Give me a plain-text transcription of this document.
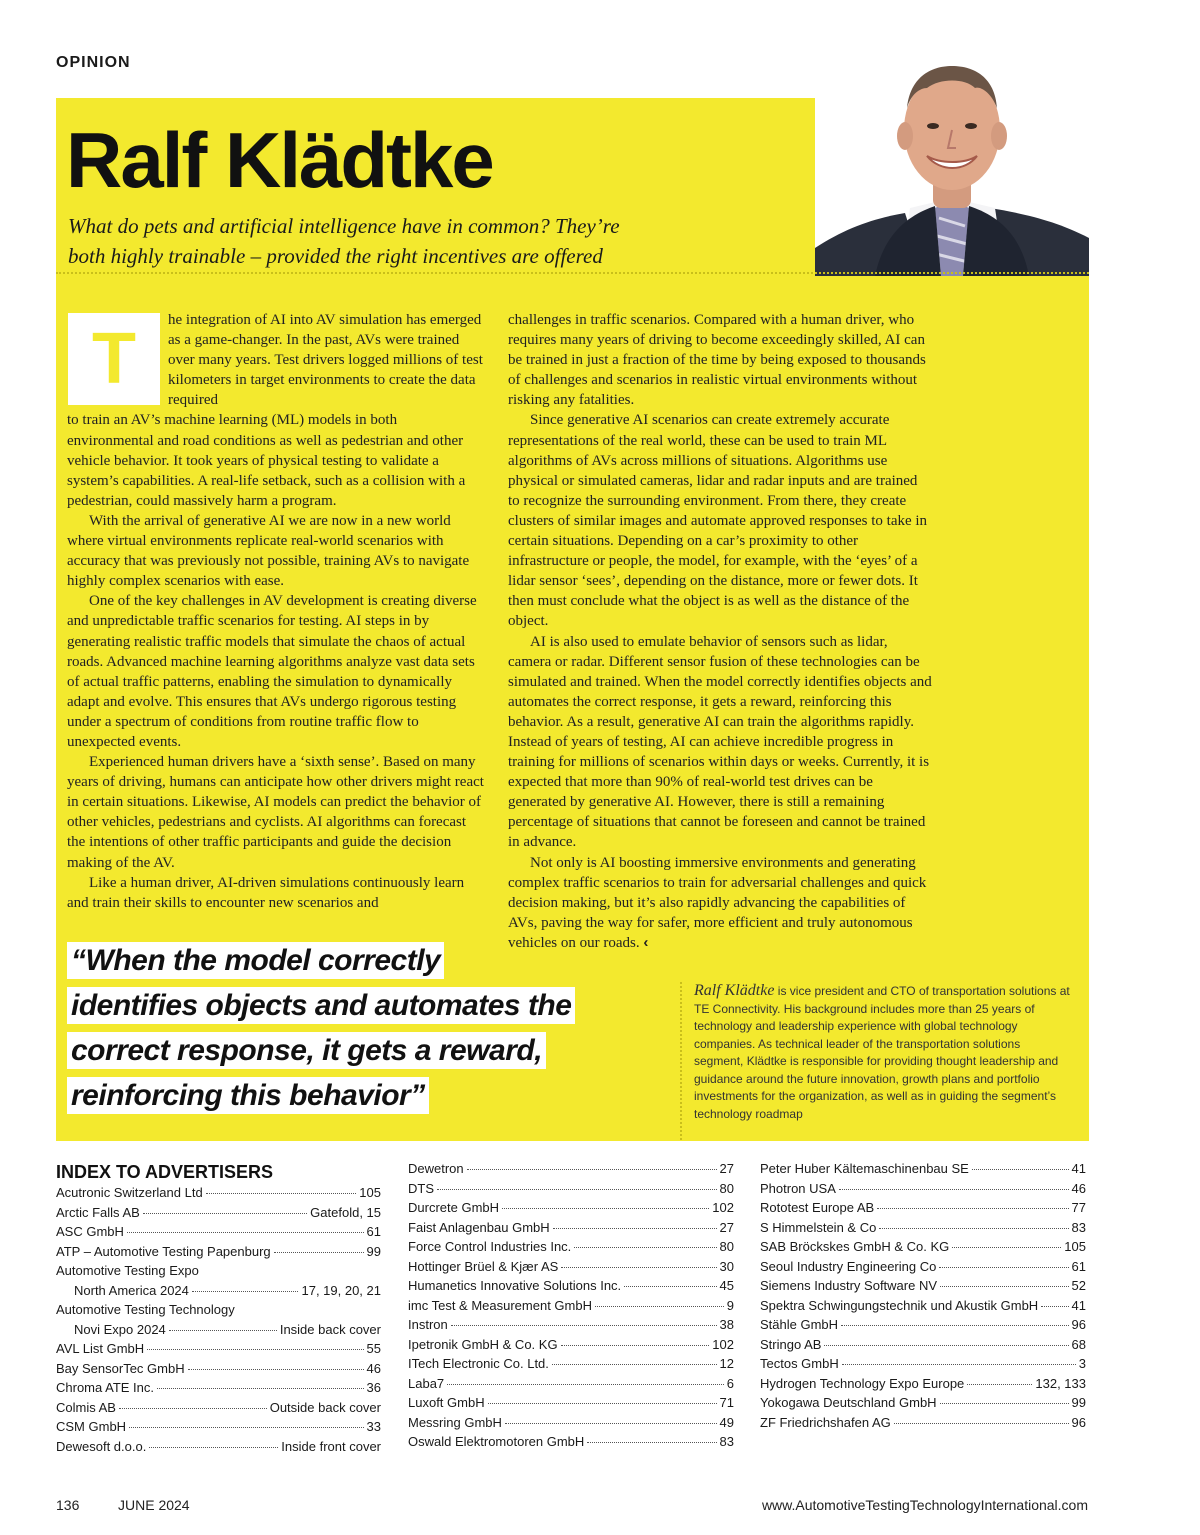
OPINION
Ralf Klädtke
What do pets and artificial intelligence have in common? They’re
both highly trainable – provided the right incentives are offered
T	he integration of AI into AV simulation has emerged as a game-changer. In the past, AVs were trained over many years. Test drivers logged millions of test kilometers in target environments to create the data required

to train an AV’s machine learning (ML) models in both environmental and road conditions as well as pedestrian and other vehicle behavior. It took years of physical testing to validate a system’s capabilities. A real-life setback, such as a collision with a pedestrian, could massively harm a program.

With the arrival of generative AI we are now in a new world where virtual environments replicate real-world scenarios with accuracy that was previously not possible, training AVs to navigate highly complex scenarios with ease.

One of the key challenges in AV development is creating diverse and unpredictable traffic scenarios for testing. AI steps in by generating realistic traffic models that simulate the chaos of actual roads. Advanced machine learning algorithms analyze vast data sets of actual traffic patterns, enabling the simulation to dynamically adapt and evolve. This ensures that AVs undergo rigorous testing under a spectrum of conditions from routine traffic flow to unexpected events.

Experienced human drivers have a ‘sixth sense’. Based on many years of driving, humans can anticipate how other drivers might react in certain situations. Likewise, AI models can predict the behavior of other vehicles, pedestrians and cyclists. AI algorithms can forecast the intentions of other traffic participants and guide the decision making of the AV.

Like a human driver, AI-driven simulations continuously learn and train their skills to encounter new scenarios and

challenges in traffic scenarios. Compared with a human driver, who requires many years of driving to become exceedingly skilled, AI can be trained in just a fraction of the time by being exposed to thousands of challenges and scenarios in realistic virtual environments without risking any fatalities.

Since generative AI scenarios can create extremely accurate representations of the real world, these can be used to train ML algorithms of AVs across millions of situations. Algorithms use physical or simulated cameras, lidar and radar inputs and are trained to recognize the surrounding environment. From there, they create clusters of similar images and automate approved responses to take in certain situations. Depending on a car’s proximity to other infrastructure or people, the model, for example, with the ‘eyes’ of a lidar sensor ‘sees’, depending on the distance, more or fewer dots. It then must conclude what the object is as well as the distance of the object.

AI is also used to emulate behavior of sensors such as lidar, camera or radar. Different sensor fusion of these technologies can be simulated and trained. When the model correctly identifies objects and automates the correct response, it gets a reward, reinforcing this behavior. As a result, generative AI can train the algorithms rapidly. Instead of years of testing, AI can achieve incredible progress in training for millions of scenarios within days or weeks. Currently, it is expected that more than 90% of real-world test drives can be generated by generative AI. However, there is still a remaining percentage of situations that cannot be foreseen and cannot be trained in advance.

Not only is AI boosting immersive environments and generating complex traffic scenarios to train for adversarial challenges and quick decision making, but it’s also rapidly advancing the capabilities of AVs, paving the way for safer, more efficient and truly autonomous vehicles on our roads. ‹

“When the model correctly
identifies objects and automates the
correct response, it gets a reward,
reinforcing this behavior”
Ralf Klädtke is vice president and CTO of transportation solutions at TE Connectivity. His background includes more than 25 years of technology and leadership experience with global technology companies. As technical leader of the transportation solutions segment, Klädtke is responsible for providing thought leadership and guidance around the future innovation, growth plans and portfolio investments for the organization, as well as in guiding the segment’s technology roadmap
INDEX TO ADVERTISERS
Acutronic Switzerland Ltd	105
Arctic Falls AB	Gatefold, 15
ASC GmbH	61
ATP – Automotive Testing Papenburg	99
Automotive Testing Expo
North America 2024	17, 19, 20, 21
Automotive Testing Technology
Novi Expo 2024	Inside back cover
AVL List GmbH	55
Bay SensorTec GmbH	46
Chroma ATE Inc.	36
Colmis AB	Outside back cover
CSM GmbH	33
Dewesoft d.o.o.	Inside front cover
Dewetron	27
DTS	80
Durcrete GmbH	102
Faist Anlagenbau GmbH	27
Force Control Industries Inc.	80
Hottinger Brüel & Kjær AS	30
Humanetics Innovative Solutions Inc.	45
imc Test & Measurement GmbH	9
Instron	38
Ipetronik GmbH & Co. KG	102
ITech Electronic Co. Ltd.	12
Laba7	6
Luxoft GmbH	71
Messring GmbH	49
Oswald Elektromotoren GmbH	83
Peter Huber Kältemaschinenbau SE	41
Photron USA	46
Rototest Europe AB	77
S Himmelstein & Co	83
SAB Bröckskes GmbH & Co. KG	105
Seoul Industry Engineering Co	61
Siemens Industry Software NV	52
Spektra Schwingungstechnik und Akustik GmbH	41
Stähle GmbH	96
Stringo AB	68
Tectos GmbH	3
Hydrogen Technology Expo Europe	132, 133
Yokogawa Deutschland GmbH	99
ZF Friedrichshafen AG	96
136	JUNE 2024	www.AutomotiveTestingTechnologyInternational.com
